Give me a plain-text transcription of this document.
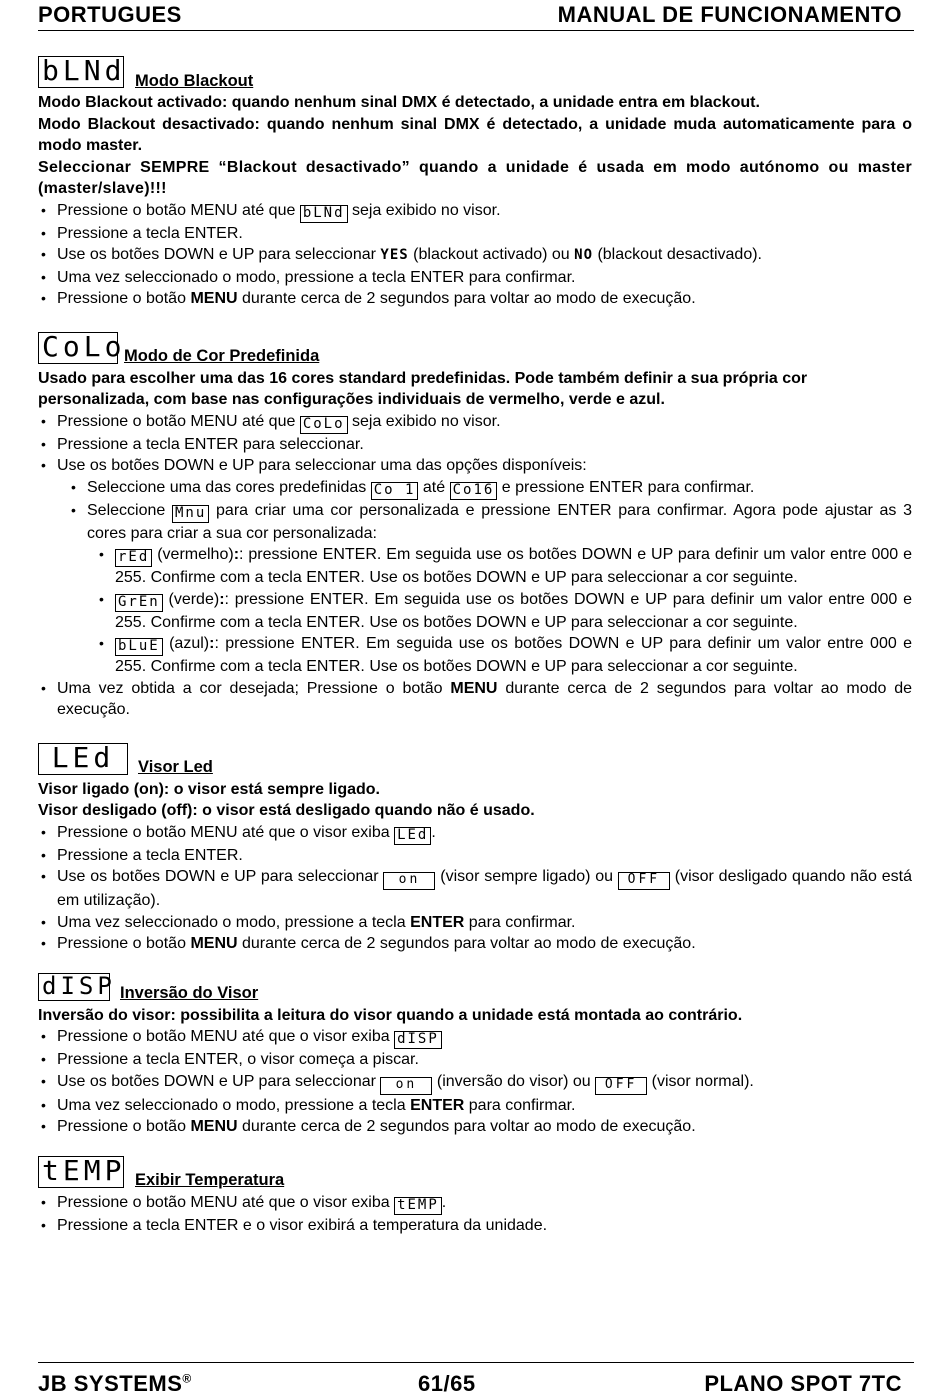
PORTUGUES	MANUAL DE FUNCIONAMENTO
bLNd Modo Blackout

Modo Blackout activado: quando nenhum sinal DMX é detectado, a unidade entra em blackout.

Modo Blackout desactivado: quando nenhum sinal DMX é detectado, a unidade muda automaticamente para o modo master.

Seleccionar SEMPRE “Blackout desactivado” quando a unidade é usada em modo autónomo ou master (master/slave)!!!

• Pressione o botão MENU até que bLNd seja exibido no visor.
• Pressione a tecla ENTER.
• Use os botões DOWN e UP para seleccionar YES (blackout activado) ou NO (blackout desactivado).
• Uma vez seleccionado o modo, pressione a tecla ENTER para confirmar.
• Pressione o botão MENU durante cerca de 2 segundos para voltar ao modo de execução.
CoLo
Modo de Cor Predefinida

Usado para escolher uma das 16 cores standard predefinidas. Pode também definir a sua própria cor personalizada, com base nas configurações individuais de vermelho, verde e azul.

• Pressione o botão MENU até que CoLo seja exibido no visor.
• Pressione a tecla ENTER para seleccionar.
• Use os botões DOWN e UP para seleccionar uma das opções disponíveis:
• Seleccione uma das cores predefinidas Co 1 até Co16 e pressione ENTER para confirmar.
• Seleccione Mnu para criar uma cor personalizada e pressione ENTER para confirmar. Agora pode ajustar as 3 cores para criar a sua cor personalizada:
• rEd (vermelho):: pressione ENTER. Em seguida use os botões DOWN e UP para definir um valor entre 000 e 255. Confirme com a tecla ENTER. Use os botões DOWN e UP para seleccionar a cor seguinte.
• GrEn (verde):: pressione ENTER. Em seguida use os botões DOWN e UP para definir um valor entre 000 e 255. Confirme com a tecla ENTER. Use os botões DOWN e UP para seleccionar a cor seguinte.
• bLuE (azul):: pressione ENTER. Em seguida use os botões DOWN e UP para definir um valor entre 000 e 255. Confirme com a tecla ENTER. Use os botões DOWN e UP para seleccionar a cor seguinte.
• Uma vez obtida a cor desejada; Pressione o botão MENU durante cerca de 2 segundos para voltar ao modo de execução.
LEd	Visor Led

Visor ligado (on): o visor está sempre ligado.

Visor desligado (off): o visor está desligado quando não é usado.

• Pressione o botão MENU até que o visor exiba LEd .
• Pressione a tecla ENTER.
• Use os botões DOWN e UP para seleccionar on (visor sempre ligado) ou OFF (visor desligado quando não está em utilização).
• Uma vez seleccionado o modo, pressione a tecla ENTER para confirmar.
• Pressione o botão MENU durante cerca de 2 segundos para voltar ao modo de execução.
dISP Inversão do Visor

Inversão do visor: possibilita a leitura do visor quando a unidade está montada ao contrário.

• Pressione o botão MENU até que o visor exiba dISP
• Pressione a tecla ENTER, o visor começa a piscar.
• Use os botões DOWN e UP para seleccionar on (inversão do visor) ou OFF (visor normal).
• Uma vez seleccionado o modo, pressione a tecla ENTER para confirmar.
• Pressione o botão MENU durante cerca de 2 segundos para voltar ao modo de execução.
tEMP Exibir Temperatura
• Pressione o botão MENU até que o visor exiba tEMP .
• Pressione a tecla ENTER e o visor exibirá a temperatura da unidade.
JB SYSTEMS®	61/65	PLANO SPOT 7TC
